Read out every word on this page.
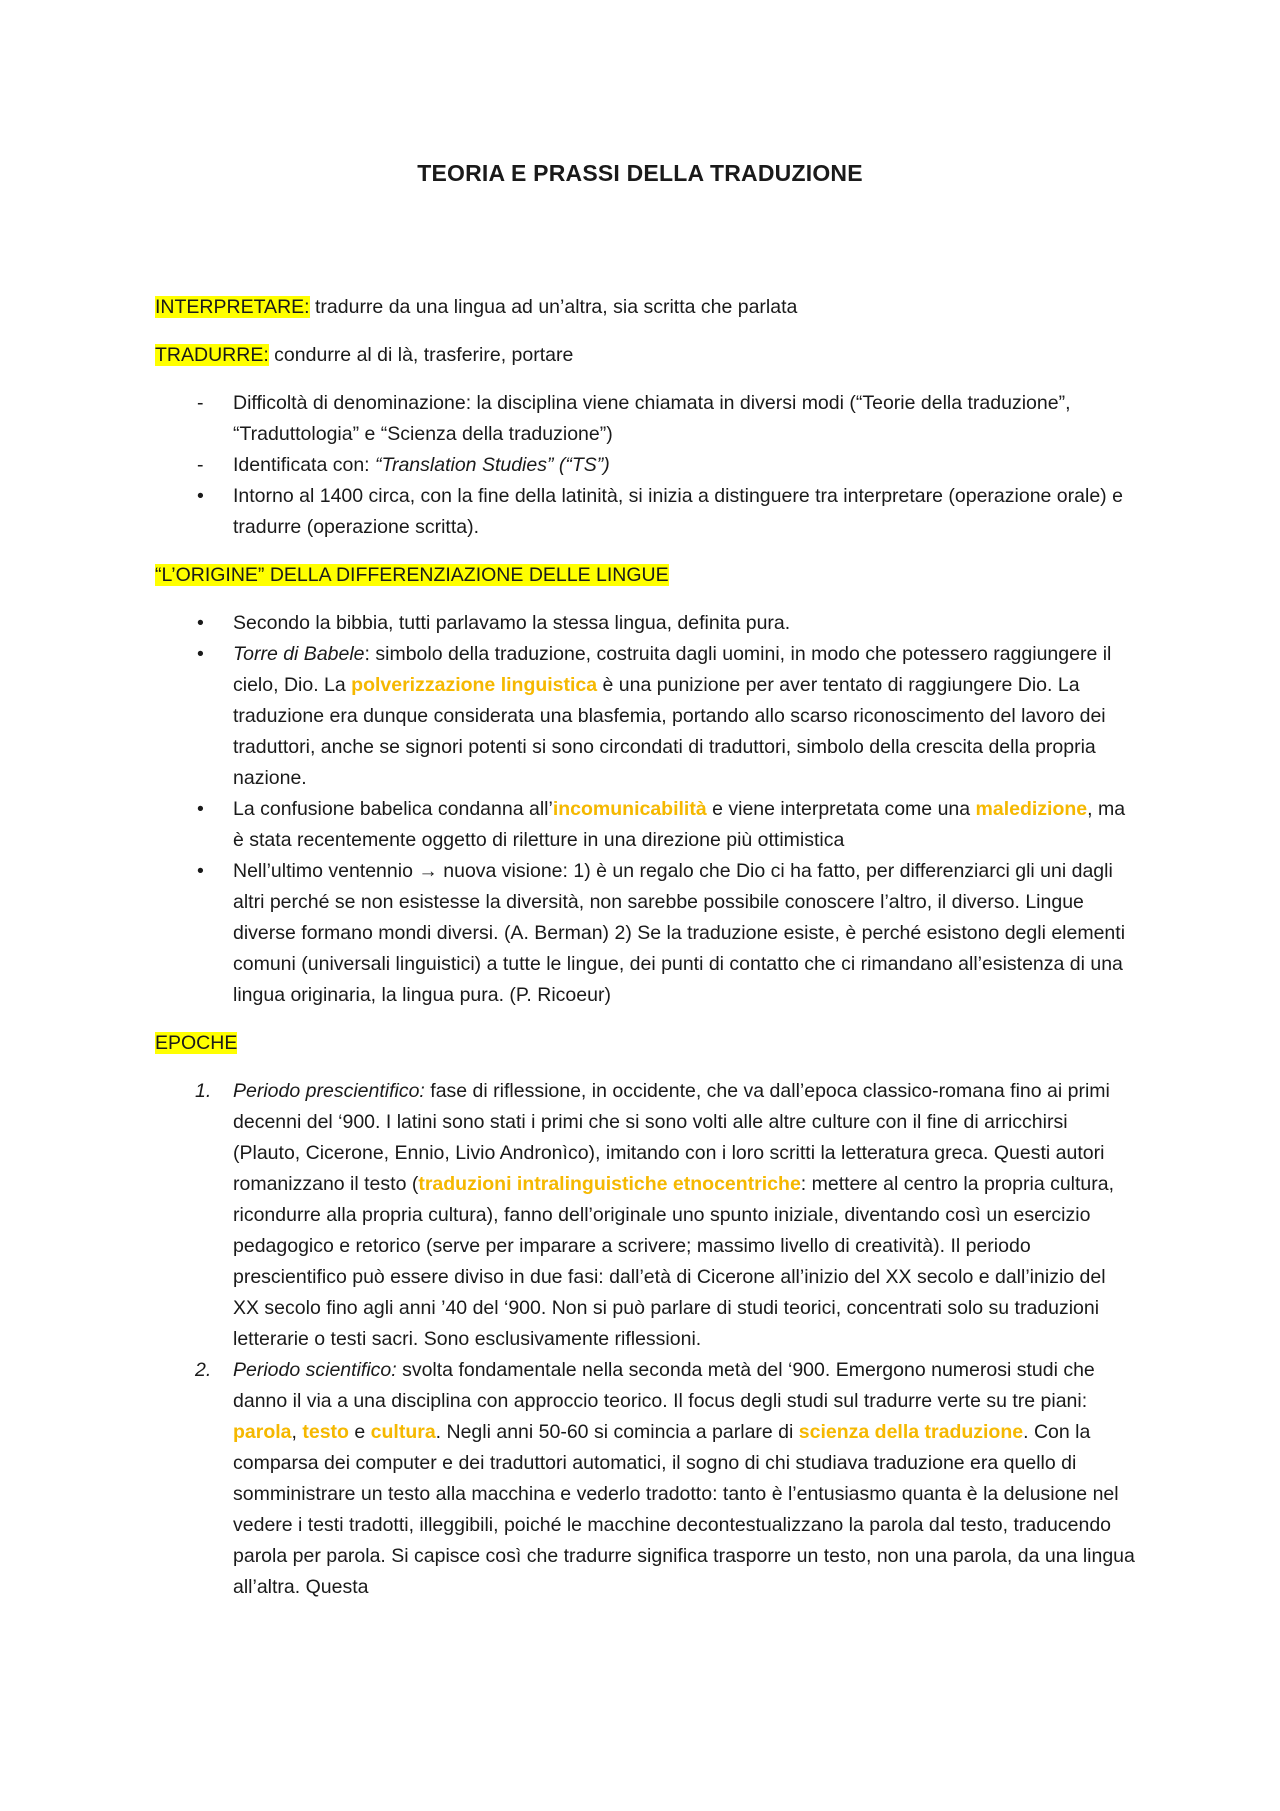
TEORIA E PRASSI DELLA TRADUZIONE

INTERPRETARE: tradurre da una lingua ad un’altra, sia scritta che parlata

TRADURRE: condurre al di là, trasferire, portare

-	Difficoltà di denominazione: la disciplina viene chiamata in diversi modi (“Teorie della traduzione”, “Traduttologia” e “Scienza della traduzione”)
-	Identificata con: “Translation Studies” (“TS”)
•	Intorno al 1400 circa, con la fine della latinità, si inizia a distinguere tra interpretare (operazione orale) e tradurre (operazione scritta).

“L’ORIGINE” DELLA DIFFERENZIAZIONE DELLE LINGUE

•	Secondo la bibbia, tutti parlavamo la stessa lingua, definita pura.
•	Torre di Babele: simbolo della traduzione, costruita dagli uomini, in modo che potessero raggiungere il cielo, Dio. La polverizzazione linguistica è una punizione per aver tentato di raggiungere Dio. La traduzione era dunque considerata una blasfemia, portando allo scarso riconoscimento del lavoro dei traduttori, anche se signori potenti si sono circondati di traduttori, simbolo della crescita della propria nazione.
•	La confusione babelica condanna all’incomunicabilità e viene interpretata come una maledizione, ma è stata recentemente oggetto di riletture in una direzione più ottimistica
•	Nell’ultimo ventennio → nuova visione: 1) è un regalo che Dio ci ha fatto, per differenziarci gli uni dagli altri perché se non esistesse la diversità, non sarebbe possibile conoscere l’altro, il diverso. Lingue diverse formano mondi diversi. (A. Berman) 2) Se la traduzione esiste, è perché esistono degli elementi comuni (universali linguistici) a tutte le lingue, dei punti di contatto che ci rimandano all’esistenza di una lingua originaria, la lingua pura. (P. Ricoeur)

EPOCHE

1.	Periodo prescientifico: fase di riflessione, in occidente, che va dall’epoca classico-romana fino ai primi decenni del ‘900. I latini sono stati i primi che si sono volti alle altre culture con il fine di arricchirsi (Plauto, Cicerone, Ennio, Livio Andronìco), imitando con i loro scritti la letteratura greca. Questi autori romanizzano il testo (traduzioni intralinguistiche etnocentriche: mettere al centro la propria cultura, ricondurre alla propria cultura), fanno dell’originale uno spunto iniziale, diventando così un esercizio pedagogico e retorico (serve per imparare a scrivere; massimo livello di creatività). Il periodo prescientifico può essere diviso in due fasi: dall’età di Cicerone all’inizio del XX secolo e dall’inizio del XX secolo fino agli anni ’40 del ‘900. Non si può parlare di studi teorici, concentrati solo su traduzioni letterarie o testi sacri. Sono esclusivamente riflessioni.
2.	Periodo scientifico: svolta fondamentale nella seconda metà del ‘900. Emergono numerosi studi che danno il via a una disciplina con approccio teorico. Il focus degli studi sul tradurre verte su tre piani: parola, testo e cultura. Negli anni 50-60 si comincia a parlare di scienza della traduzione. Con la comparsa dei computer e dei traduttori automatici, il sogno di chi studiava traduzione era quello di somministrare un testo alla macchina e vederlo tradotto: tanto è l’entusiasmo quanta è la delusione nel vedere i testi tradotti, illeggibili, poiché le macchine decontestualizzano la parola dal testo, traducendo parola per parola. Si capisce così che tradurre significa trasporre un testo, non una parola, da una lingua all’altra. Questa
